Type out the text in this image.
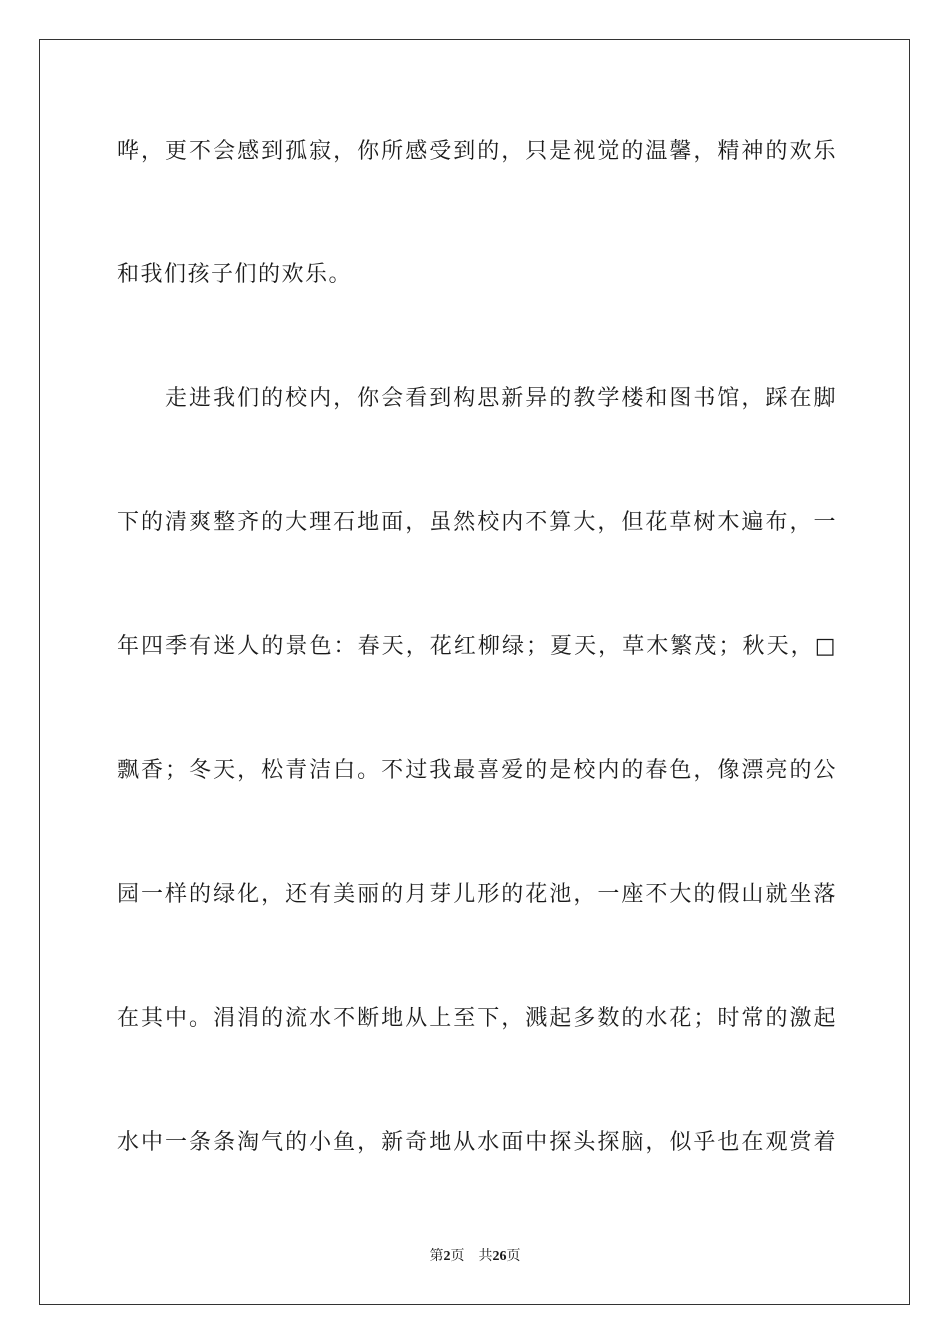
哗，更不会感到孤寂，你所感受到的，只是视觉的温馨，精神的欢乐
和我们孩子们的欢乐。
　　走进我们的校内，你会看到构思新异的教学楼和图书馆，踩在脚
下的清爽整齐的大理石地面，虽然校内不算大，但花草树木遍布，一
年四季有迷人的景色：春天，花红柳绿；夏天，草木繁茂；秋天，□
飘香；冬天，松青洁白。不过我最喜爱的是校内的春色，像漂亮的公
园一样的绿化，还有美丽的月芽儿形的花池，一座不大的假山就坐落
在其中。涓涓的流水不断地从上至下，溅起多数的水花；时常的激起
水中一条条淘气的小鱼，新奇地从水面中探头探脑，似乎也在观赏着
第2页 共26页
